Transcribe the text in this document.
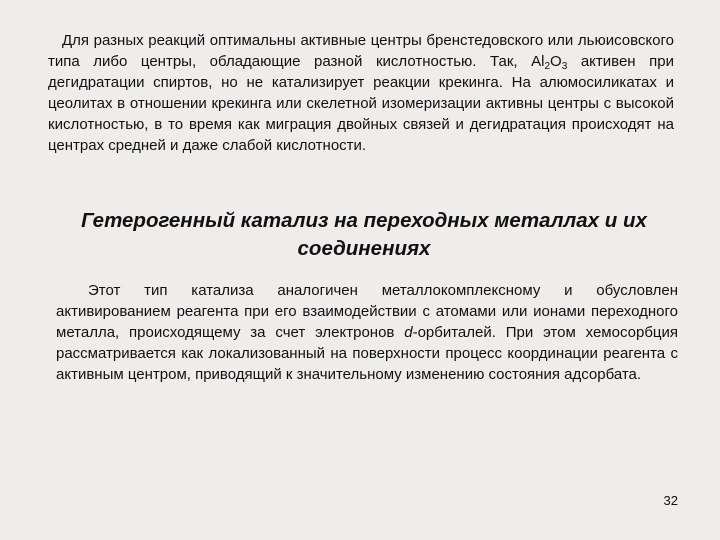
Для разных реакций оптимальны активные центры бренстедовского или льюисовского типа либо центры, обладающие разной кислотностью. Так, $Al_2O_3$ активен при дегидратации спиртов, но не катализирует реакции крекинга. На алюмосиликатах и цеолитах в отношении крекинга или скелетной изомеризации активны центры с высокой кислотностью, в то время как миграция двойных связей и дегидратация происходят на центрах средней и даже слабой кислотности.

Гетерогенный катализ на переходных металлах и их соединениях

Этот тип катализа аналогичен металлокомплексному и обусловлен активированием реагента при его взаимодействии с атомами или ионами переходного металла, происходящему за счет электронов d-орбиталей. При этом хемосорбция рассматривается как локализованный на поверхности процесс координации реагента с активным центром, приводящий к значительному изменению состояния адсорбата.

32
